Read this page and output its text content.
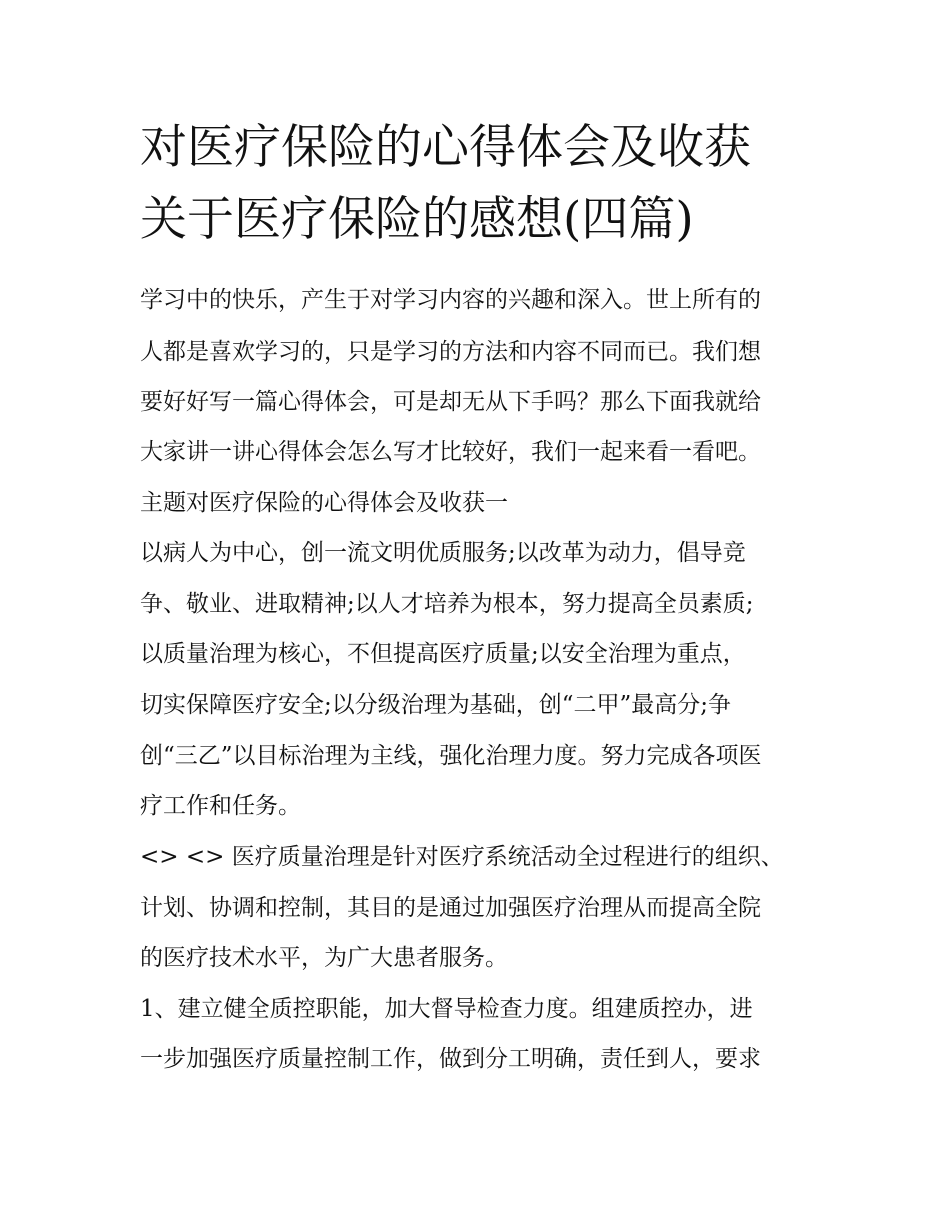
对医疗保险的心得体会及收获
关于医疗保险的感想(四篇)

学习中的快乐，产生于对学习内容的兴趣和深入。世上所有的

人都是喜欢学习的，只是学习的方法和内容不同而已。我们想

要好好写一篇心得体会，可是却无从下手吗？那么下面我就给

大家讲一讲心得体会怎么写才比较好，我们一起来看一看吧。

主题对医疗保险的心得体会及收获一

以病人为中心，创一流文明优质服务;以改革为动力，倡导竞

争、敬业、进取精神;以人才培养为根本，努力提高全员素质;

以质量治理为核心，不但提高医疗质量;以安全治理为重点，

切实保障医疗安全;以分级治理为基础，创“二甲”最高分;争

创“三乙”以目标治理为主线，强化治理力度。努力完成各项医

疗工作和任务。

<> <> 医疗质量治理是针对医疗系统活动全过程进行的组织、

计划、协调和控制，其目的是通过加强医疗治理从而提高全院

的医疗技术水平，为广大患者服务。

1、建立健全质控职能，加大督导检查力度。组建质控办，进

一步加强医疗质量控制工作，做到分工明确，责任到人，要求
